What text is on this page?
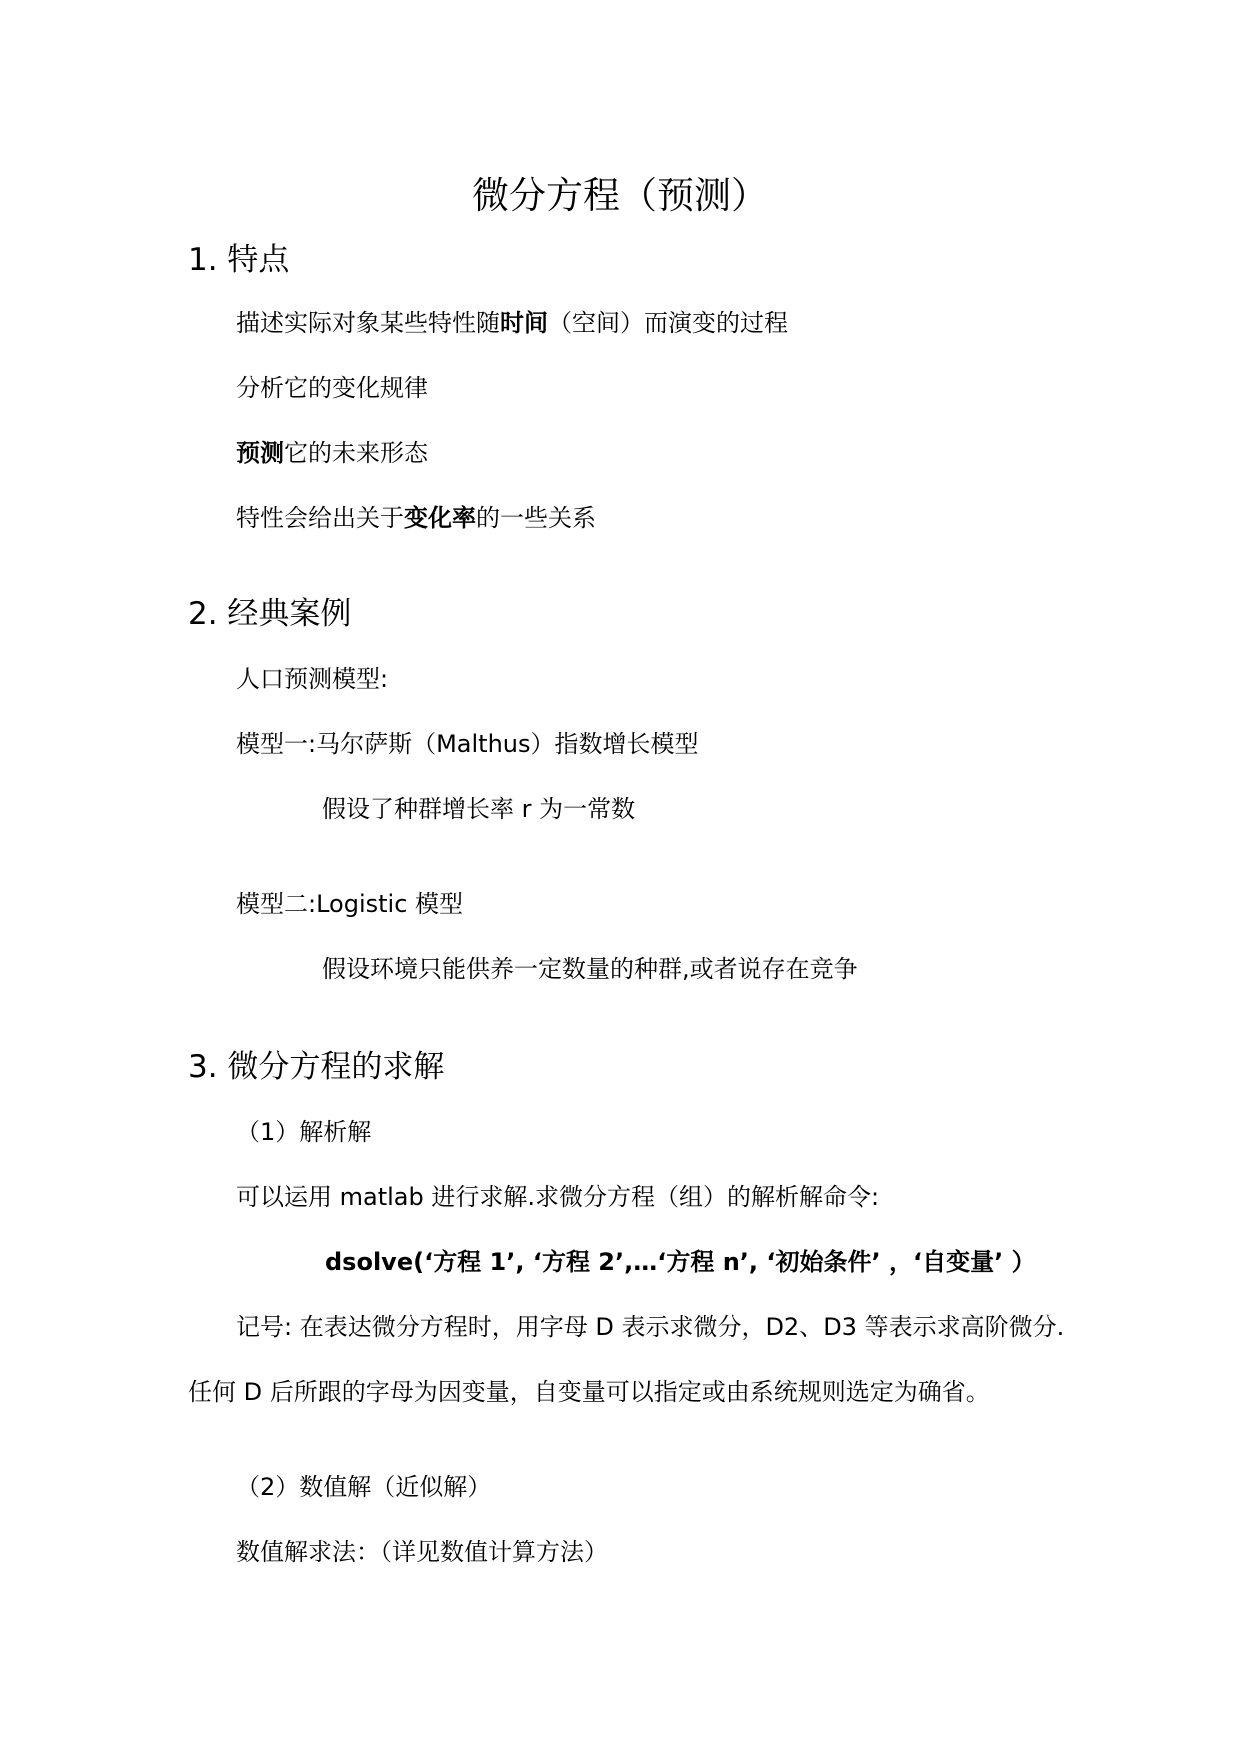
微分方程（预测）
1. 特点
描述实际对象某些特性随时间（空间）而演变的过程
分析它的变化规律
预测它的未来形态
特性会给出关于变化率的一些关系
2. 经典案例
人口预测模型:
模型一:马尔萨斯（Malthus）指数增长模型
假设了种群增长率 r 为一常数
模型二:Logistic 模型
假设环境只能供养一定数量的种群,或者说存在竞争
3. 微分方程的求解
（1）解析解
可以运用 matlab 进行求解.求微分方程（组）的解析解命令:
dsolve(‘方程 1’, ‘方程 2’,…‘方程 n’, ‘初始条件’ ，‘自变量’ ）
记号: 在表达微分方程时，用字母 D 表示求微分，D2、D3 等表示求高阶微分.
任何 D 后所跟的字母为因变量，自变量可以指定或由系统规则选定为确省。
（2）数值解（近似解）
数值解求法：（详见数值计算方法）
